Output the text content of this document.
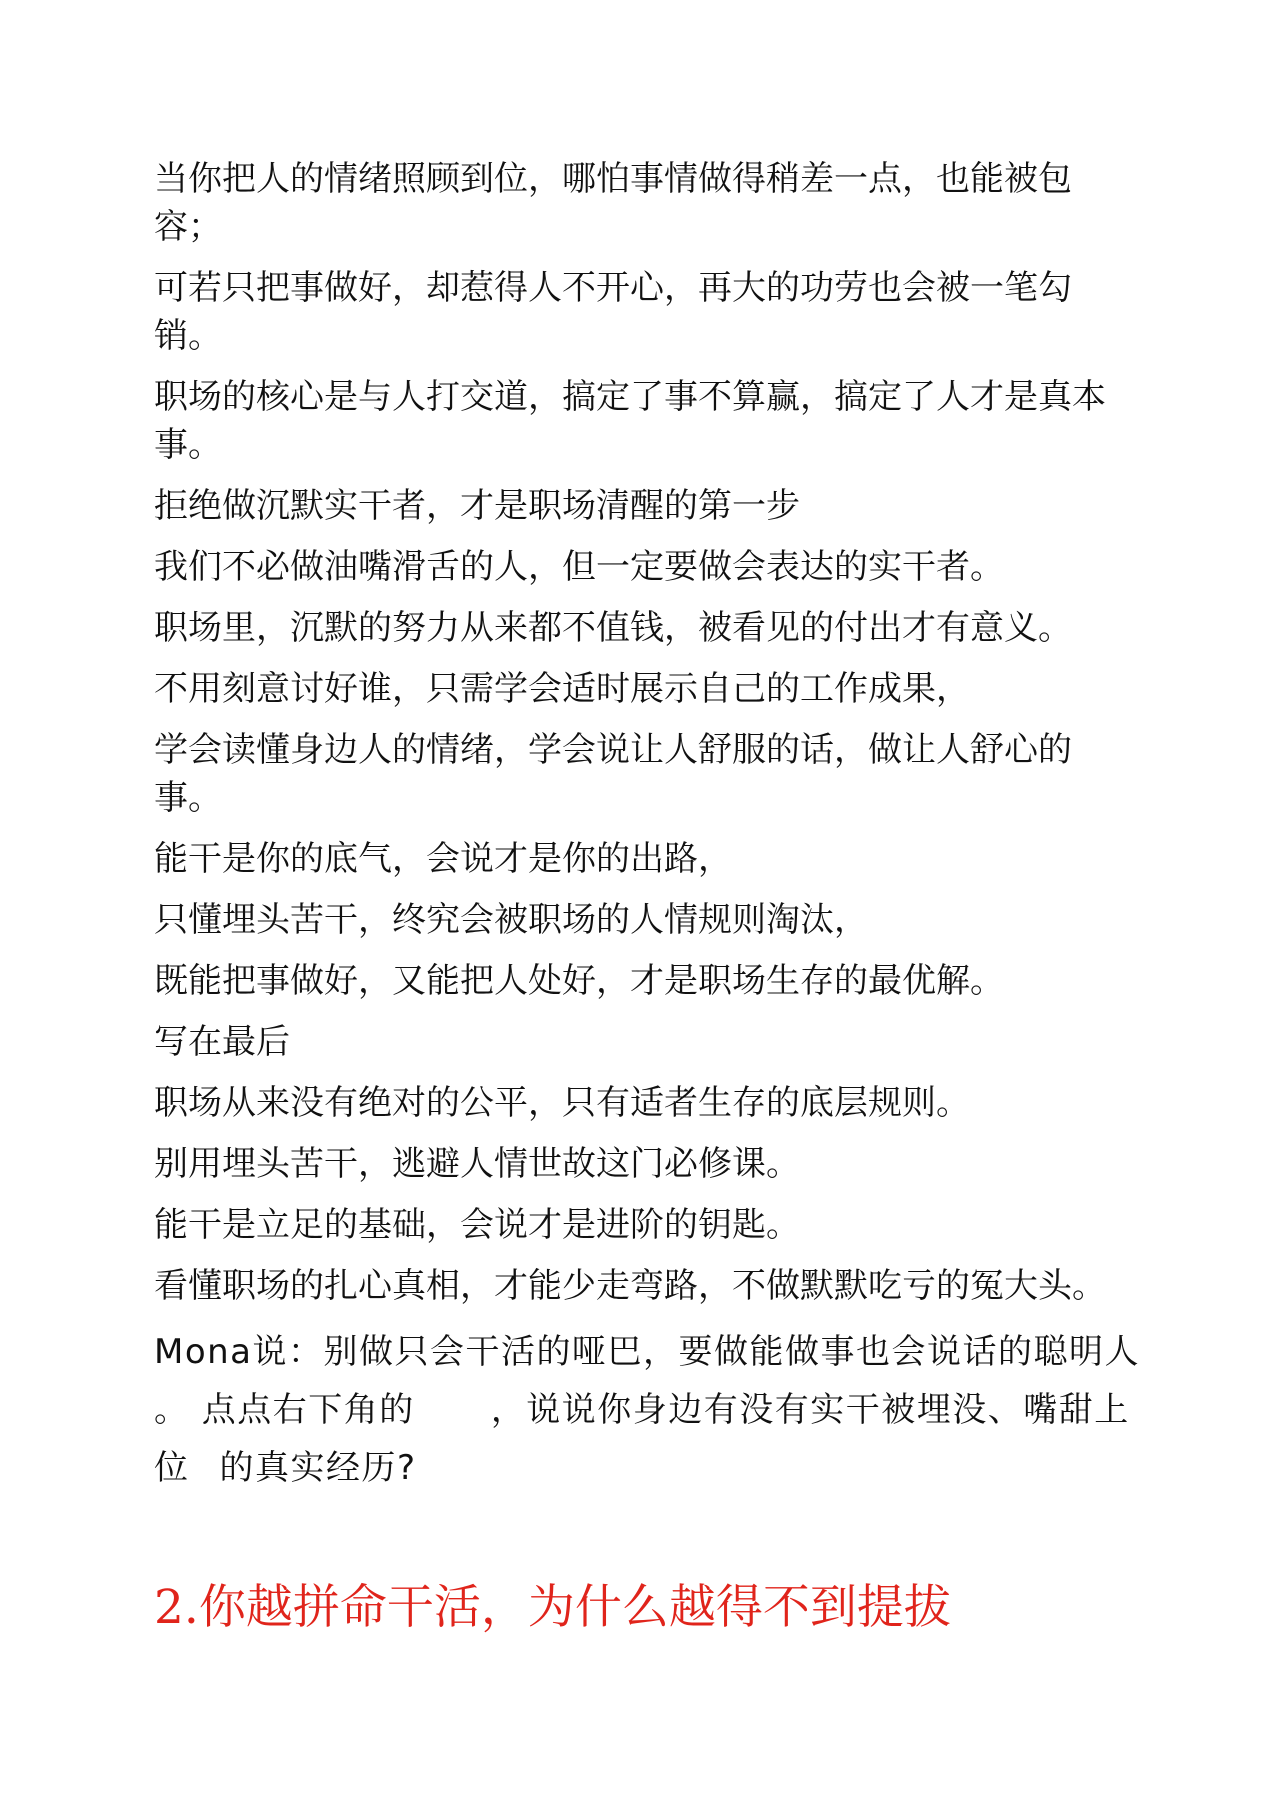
当你把人的情绪照顾到位，哪怕事情做得稍差一点，也能被包
容；

可若只把事做好，却惹得人不开心，再大的功劳也会被一笔勾
销。

职场的核心是与人打交道，搞定了事不算赢，搞定了人才是真本
事。

拒绝做沉默实干者，才是职场清醒的第一步

我们不必做油嘴滑舌的人，但一定要做会表达的实干者。

职场里，沉默的努力从来都不值钱，被看见的付出才有意义。

不用刻意讨好谁，只需学会适时展示自己的工作成果，

学会读懂身边人的情绪，学会说让人舒服的话，做让人舒心的
事。

能干是你的底气，会说才是你的出路，

只懂埋头苦干，终究会被职场的人情规则淘汰，

既能把事做好，又能把人处好，才是职场生存的最优解。

写在最后

职场从来没有绝对的公平，只有适者生存的底层规则。

别用埋头苦干，逃避人情世故这门必修课。

能干是立足的基础，会说才是进阶的钥匙。

看懂职场的扎心真相，才能少走弯路，不做默默吃亏的冤大头。

Mona说：别做只会干活的哑巴，要做能做事也会说话的聪明人
。 点点右下角的 ，说说你身边有没有实干被埋没、嘴甜上
位 的真实经历?

2.你越拼命干活，为什么越得不到提拔
